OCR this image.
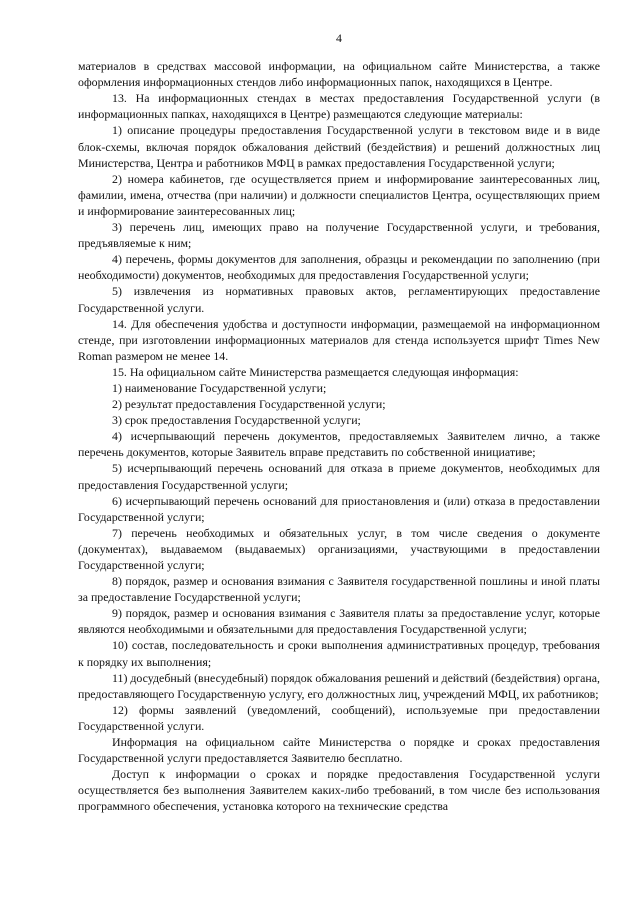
4

материалов в средствах массовой информации, на официальном сайте Министерства, а также оформления информационных стендов либо информационных папок, находящихся в Центре.

13. На информационных стендах в местах предоставления Государственной услуги (в информационных папках, находящихся в Центре) размещаются следующие материалы:

1) описание процедуры предоставления Государственной услуги в текстовом виде и в виде блок-схемы, включая порядок обжалования действий (бездействия) и решений должностных лиц Министерства, Центра и работников МФЦ в рамках предоставления Государственной услуги;

2) номера кабинетов, где осуществляется прием и информирование заинтересованных лиц, фамилии, имена, отчества (при наличии) и должности специалистов Центра, осуществляющих прием и информирование заинтересованных лиц;

3) перечень лиц, имеющих право на получение Государственной услуги, и требования, предъявляемые к ним;

4) перечень, формы документов для заполнения, образцы и рекомендации по заполнению (при необходимости) документов, необходимых для предоставления Государственной услуги;

5) извлечения из нормативных правовых актов, регламентирующих предоставление Государственной услуги.

14. Для обеспечения удобства и доступности информации, размещаемой на информационном стенде, при изготовлении информационных материалов для стенда используется шрифт Times New Roman размером не менее 14.

15. На официальном сайте Министерства размещается следующая информация:

1) наименование Государственной услуги;

2) результат предоставления Государственной услуги;

3) срок предоставления Государственной услуги;

4) исчерпывающий перечень документов, предоставляемых Заявителем лично, а также перечень документов, которые Заявитель вправе представить по собственной инициативе;

5) исчерпывающий перечень оснований для отказа в приеме документов, необходимых для предоставления Государственной услуги;

6) исчерпывающий перечень оснований для приостановления и (или) отказа в предоставлении Государственной услуги;

7) перечень необходимых и обязательных услуг, в том числе сведения о документе (документах), выдаваемом (выдаваемых) организациями, участвующими в предоставлении Государственной услуги;

8) порядок, размер и основания взимания с Заявителя государственной пошлины и иной платы за предоставление Государственной услуги;

9) порядок, размер и основания взимания с Заявителя платы за предоставление услуг, которые являются необходимыми и обязательными для предоставления Государственной услуги;

10) состав, последовательность и сроки выполнения административных процедур, требования к порядку их выполнения;

11) досудебный (внесудебный) порядок обжалования решений и действий (бездействия) органа, предоставляющего Государственную услугу, его должностных лиц, учреждений МФЦ, их работников;

12) формы заявлений (уведомлений, сообщений), используемые при предоставлении Государственной услуги.

Информация на официальном сайте Министерства о порядке и сроках предоставления Государственной услуги предоставляется Заявителю бесплатно.

Доступ к информации о сроках и порядке предоставления Государственной услуги осуществляется без выполнения Заявителем каких-либо требований, в том числе без использования программного обеспечения, установка которого на технические средства
